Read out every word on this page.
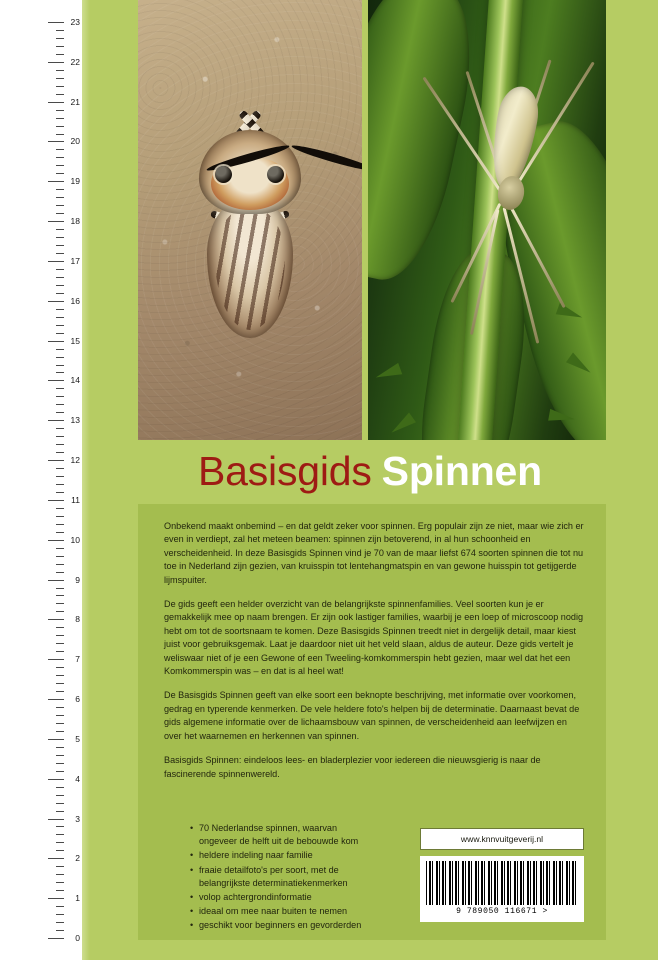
0
1
2
3
4
5
6
7
8
9
10
11
12
13
14
15
16
17
18
19
20
21
22
23
Basisgids Spinnen

Onbekend maakt onbemind – en dat geldt zeker voor spinnen. Erg populair zijn ze niet, maar wie zich er even in verdiept, zal het meteen beamen: spinnen zijn betoverend, in al hun schoonheid en verscheidenheid. In deze Basisgids Spinnen vind je 70 van de maar liefst 674 soorten spinnen die tot nu toe in Nederland zijn gezien, van kruisspin tot lentehangmatspin en van gewone huisspin tot getijgerde lijmspuiter.

De gids geeft een helder overzicht van de belangrijkste spinnenfamilies. Veel soorten kun je er gemakkelijk mee op naam brengen. Er zijn ook lastiger families, waarbij je een loep of microscoop nodig hebt om tot de soortsnaam te komen. Deze Basisgids Spinnen treedt niet in dergelijk detail, maar kiest juist voor gebruiksgemak. Laat je daardoor niet uit het veld slaan, aldus de auteur. Deze gids vertelt je weliswaar niet of je een Gewone of een Tweeling-komkommerspin hebt gezien, maar wel dat het een Komkommerspin was – en dat is al heel wat!

De Basisgids Spinnen geeft van elke soort een beknopte beschrijving, met informatie over voorkomen, gedrag en typerende kenmerken. De vele heldere foto's helpen bij de determinatie. Daarnaast bevat de gids algemene informatie over de lichaamsbouw van spinnen, de verscheidenheid aan leefwijzen en over het waarnemen en herkennen van spinnen.

Basisgids Spinnen: eindeloos lees- en bladerplezier voor iedereen die nieuwsgierig is naar de fascinerende spinnenwereld.

• 70 Nederlandse spinnen, waarvan
ongeveer de helft uit de bebouwde kom
• heldere indeling naar familie
• fraaie detailfoto's per soort, met de
belangrijkste determinatiekenmerken
• volop achtergrondinformatie
• ideaal om mee naar buiten te nemen
• geschikt voor beginners en gevorderden
www.knnvuitgeverij.nl
9 789050 116671 >
